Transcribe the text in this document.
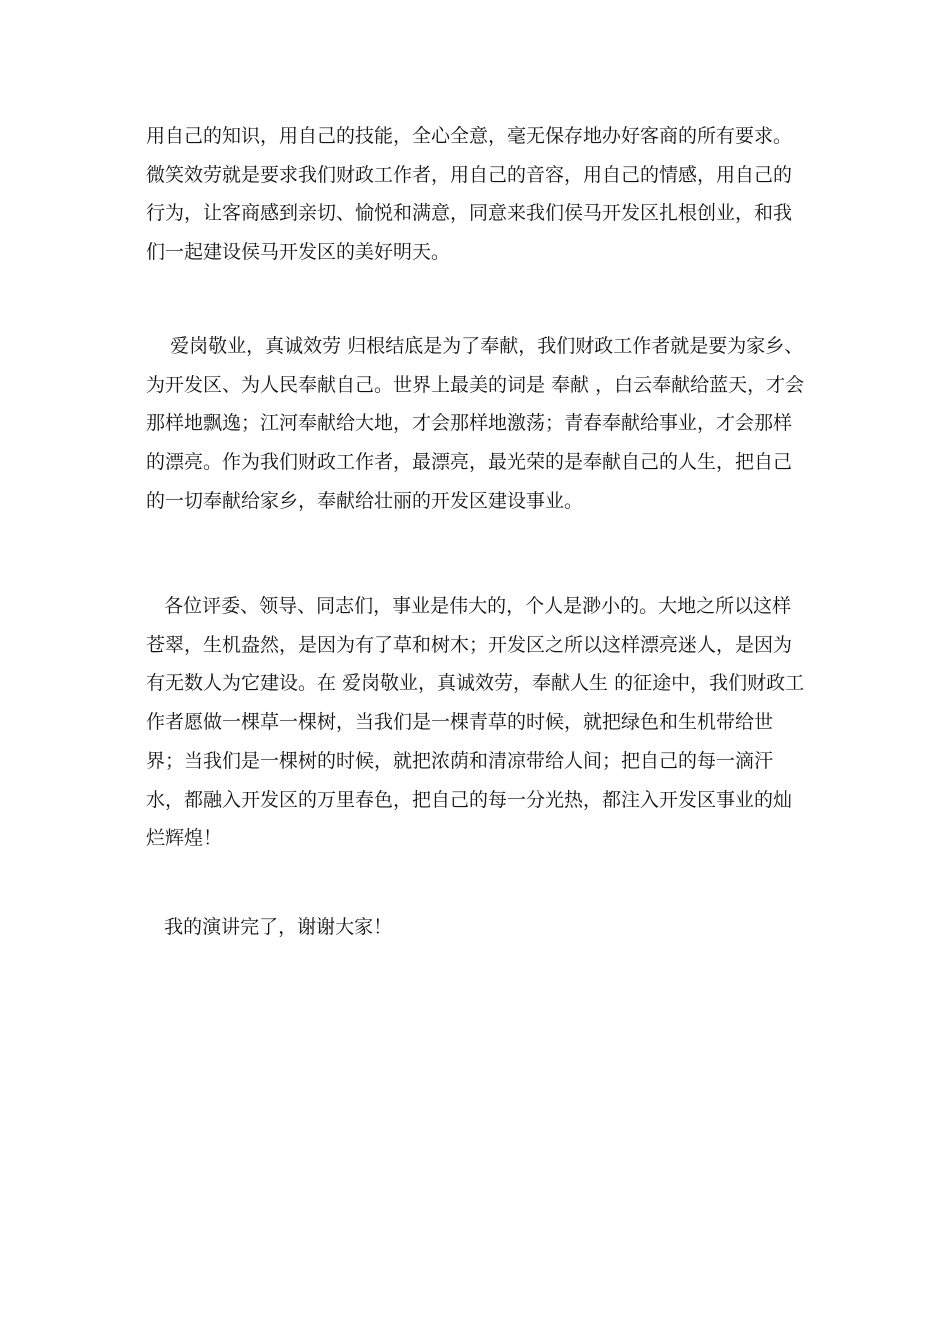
用自己的知识，用自己的技能，全心全意，毫无保存地办好客商的所有要求。微笑效劳就是要求我们财政工作者，用自己的音容，用自己的情感，用自己的行为，让客商感到亲切、愉悦和满意，同意来我们侯马开发区扎根创业，和我们一起建设侯马开发区的美好明天。

爱岗敬业，真诚效劳 归根结底是为了奉献，我们财政工作者就是要为家乡、为开发区、为人民奉献自己。世界上最美的词是 奉献 ，白云奉献给蓝天，才会那样地飘逸；江河奉献给大地，才会那样地激荡；青春奉献给事业，才会那样的漂亮。作为我们财政工作者，最漂亮，最光荣的是奉献自己的人生，把自己的一切奉献给家乡，奉献给壮丽的开发区建设事业。

各位评委、领导、同志们，事业是伟大的，个人是渺小的。大地之所以这样苍翠，生机盎然，是因为有了草和树木；开发区之所以这样漂亮迷人，是因为有无数人为它建设。在 爱岗敬业，真诚效劳，奉献人生 的征途中，我们财政工作者愿做一棵草一棵树，当我们是一棵青草的时候，就把绿色和生机带给世界；当我们是一棵树的时候，就把浓荫和清凉带给人间；把自己的每一滴汗水，都融入开发区的万里春色，把自己的每一分光热，都注入开发区事业的灿烂辉煌！

我的演讲完了，谢谢大家！
